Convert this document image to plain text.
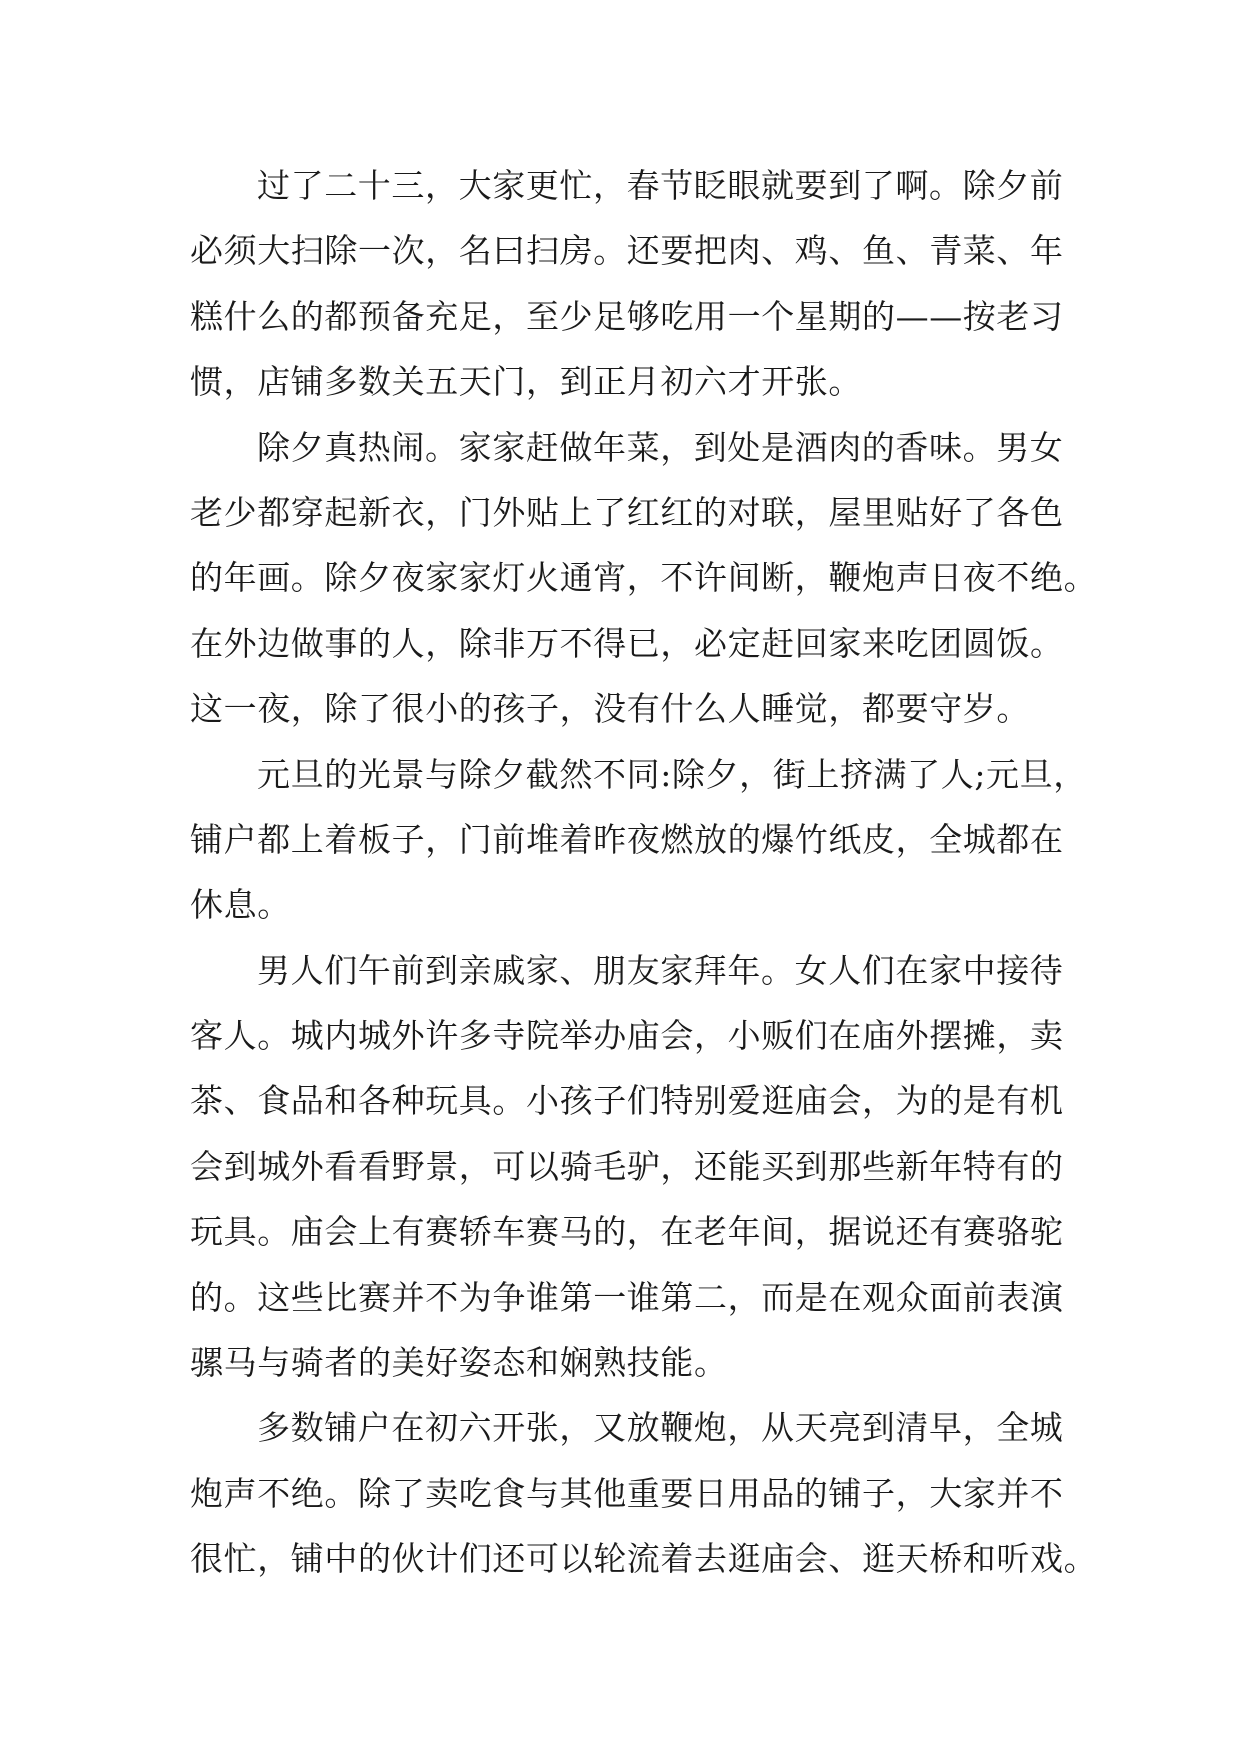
过了二十三，大家更忙，春节眨眼就要到了啊。除夕前
必须大扫除一次，名曰扫房。还要把肉、鸡、鱼、青菜、年
糕什么的都预备充足，至少足够吃用一个星期的——按老习
惯，店铺多数关五天门，到正月初六才开张。
除夕真热闹。家家赶做年菜，到处是酒肉的香味。男女
老少都穿起新衣，门外贴上了红红的对联，屋里贴好了各色
的年画。除夕夜家家灯火通宵，不许间断，鞭炮声日夜不绝。
在外边做事的人，除非万不得已，必定赶回家来吃团圆饭。
这一夜，除了很小的孩子，没有什么人睡觉，都要守岁。
元旦的光景与除夕截然不同:除夕，街上挤满了人;元旦，
铺户都上着板子，门前堆着昨夜燃放的爆竹纸皮，全城都在
休息。
男人们午前到亲戚家、朋友家拜年。女人们在家中接待
客人。城内城外许多寺院举办庙会，小贩们在庙外摆摊，卖
茶、食品和各种玩具。小孩子们特别爱逛庙会，为的是有机
会到城外看看野景，可以骑毛驴，还能买到那些新年特有的
玩具。庙会上有赛轿车赛马的，在老年间，据说还有赛骆驼
的。这些比赛并不为争谁第一谁第二，而是在观众面前表演
骡马与骑者的美好姿态和娴熟技能。
多数铺户在初六开张，又放鞭炮，从天亮到清早，全城
炮声不绝。除了卖吃食与其他重要日用品的铺子，大家并不
很忙，铺中的伙计们还可以轮流着去逛庙会、逛天桥和听戏。
